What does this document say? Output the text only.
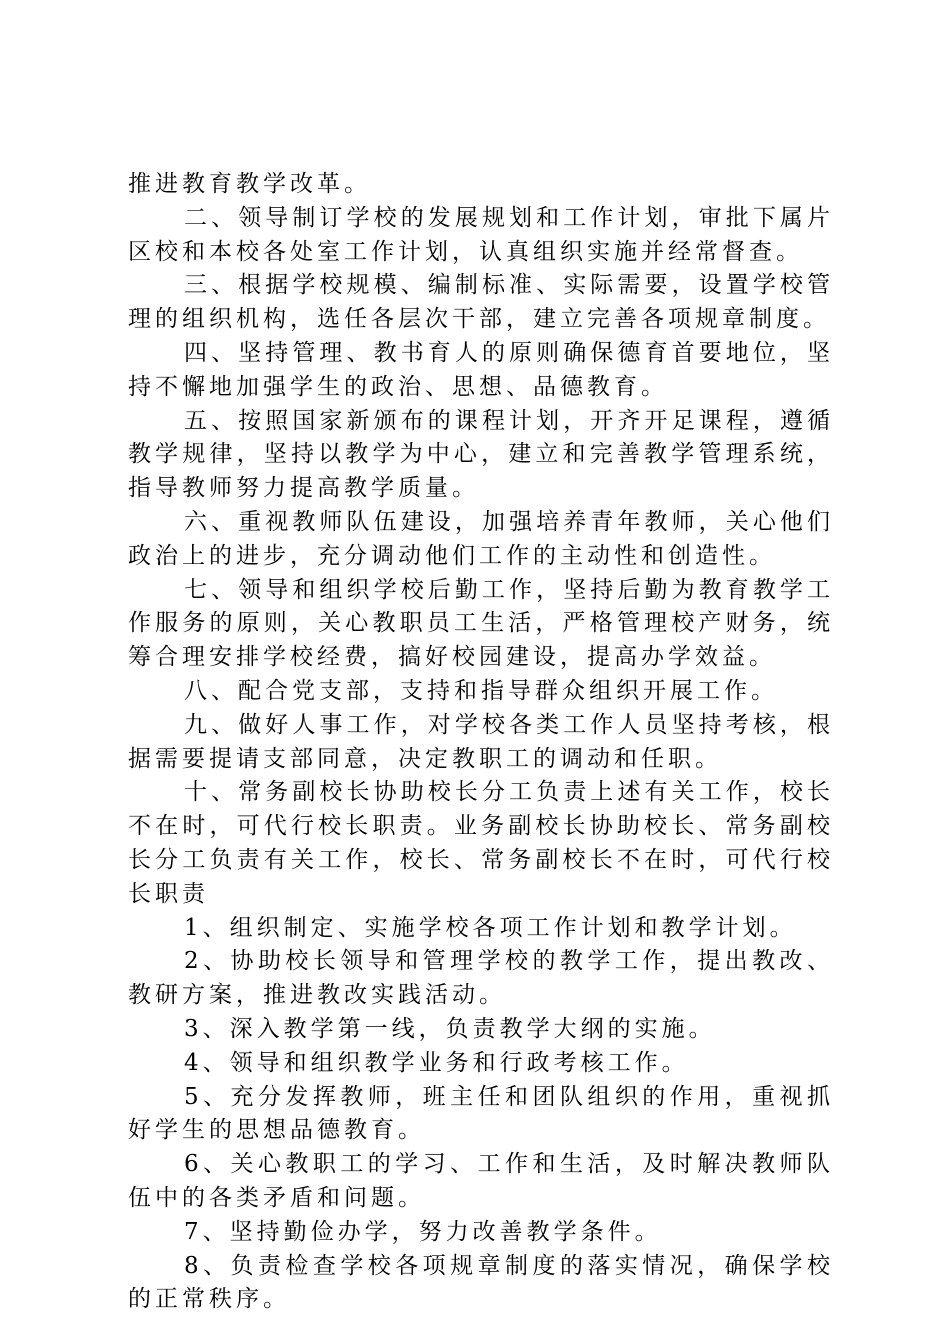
推进教育教学改革。

二、领导制订学校的发展规划和工作计划，审批下属片区校和本校各处室工作计划，认真组织实施并经常督查。

三、根据学校规模、编制标准、实际需要，设置学校管理的组织机构，选任各层次干部，建立完善各项规章制度。

四、坚持管理、教书育人的原则确保德育首要地位，坚持不懈地加强学生的政治、思想、品德教育。

五、按照国家新颁布的课程计划，开齐开足课程，遵循教学规律，坚持以教学为中心，建立和完善教学管理系统，指导教师努力提高教学质量。

六、重视教师队伍建设，加强培养青年教师，关心他们政治上的进步，充分调动他们工作的主动性和创造性。

七、领导和组织学校后勤工作，坚持后勤为教育教学工作服务的原则，关心教职员工生活，严格管理校产财务，统筹合理安排学校经费，搞好校园建设，提高办学效益。

八、配合党支部，支持和指导群众组织开展工作。

九、做好人事工作，对学校各类工作人员坚持考核，根据需要提请支部同意，决定教职工的调动和任职。

十、常务副校长协助校长分工负责上述有关工作，校长不在时，可代行校长职责。业务副校长协助校长、常务副校长分工负责有关工作，校长、常务副校长不在时，可代行校长职责

1、组织制定、实施学校各项工作计划和教学计划。

2、协助校长领导和管理学校的教学工作，提出教改、教研方案，推进教改实践活动。

3、深入教学第一线，负责教学大纲的实施。

4、领导和组织教学业务和行政考核工作。

5、充分发挥教师，班主任和团队组织的作用，重视抓好学生的思想品德教育。

6、关心教职工的学习、工作和生活，及时解决教师队伍中的各类矛盾和问题。

7、坚持勤俭办学，努力改善教学条件。

8、负责检查学校各项规章制度的落实情况，确保学校的正常秩序。
